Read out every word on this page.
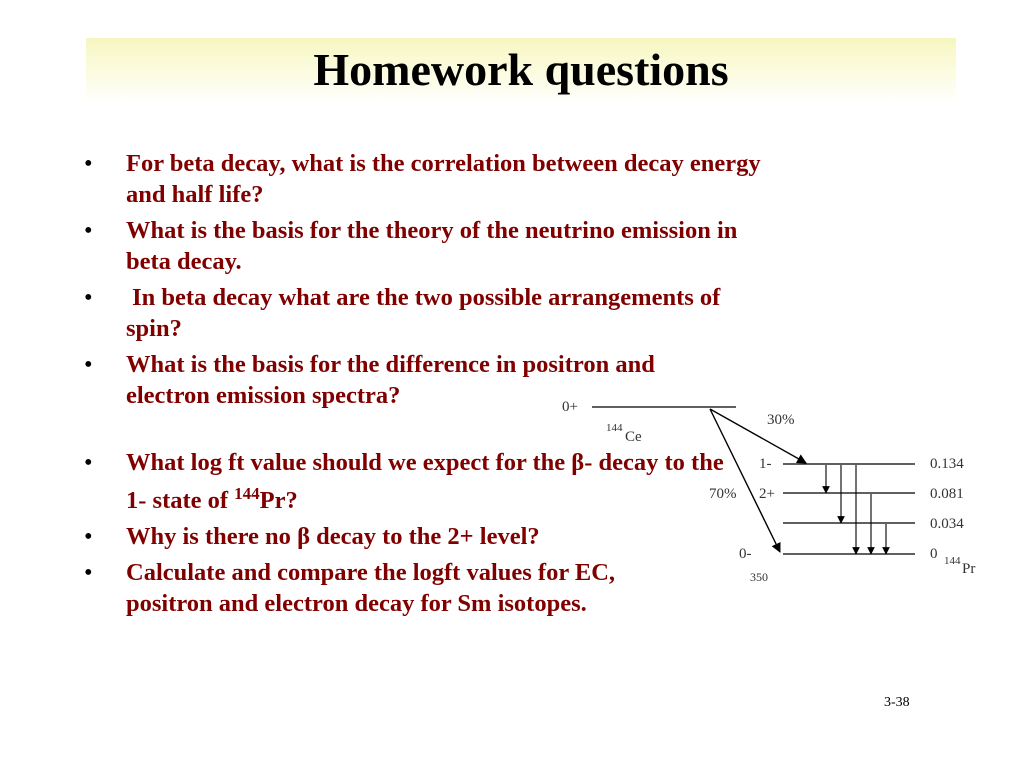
Homework questions
• For beta decay, what is the correlation between decay energy and half life?
• What is the basis for the theory of the neutrino emission in beta decay.
• In beta decay what are the two possible arrangements of spin?
• What is the basis for the difference in positron and electron emission spectra?
• What log ft value should we expect for the β- decay to the 1- state of $^{144}$Pr?
• Why is there no β decay to the 2+ level?
• Calculate and compare the logft values for EC, positron and electron decay for Sm isotopes.
0+
144
Ce
30%
70%
1-
2+
0-
350
0.134
0.081
0.034
0 144 Pr
3-38
